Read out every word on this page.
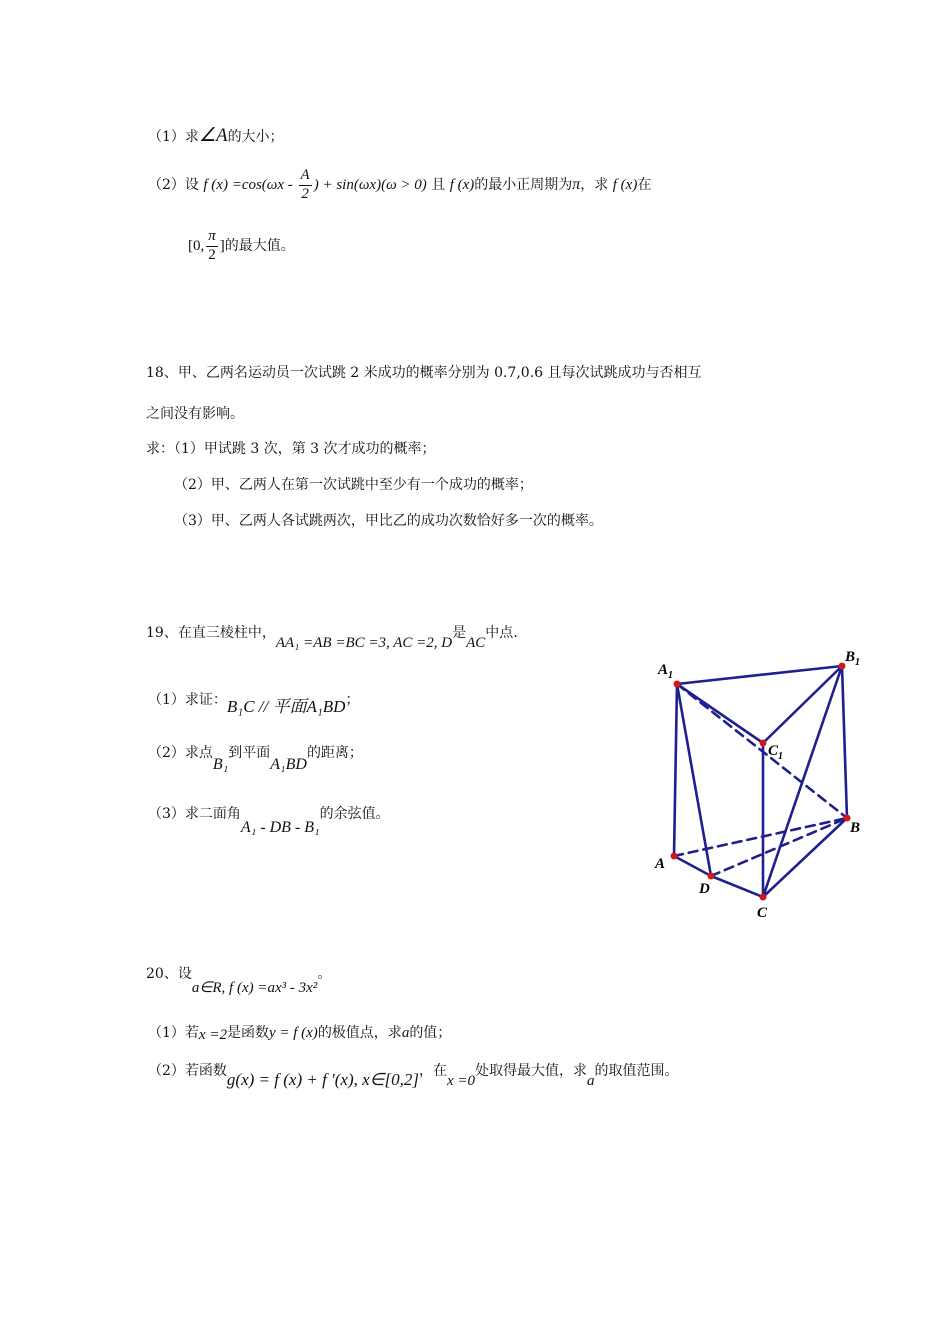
（1）求∠A的大小；
（2）设 f $(x) =\cos(\omega x - \frac{A}{2}$ ) + sin(ωx)(ω > 0) 且 f (x)的最小正周期为π，求 f (x)在
[0, $\frac{\pi}{2}$ ]的最大值。
18、甲、乙两名运动员一次试跳 2 米成功的概率分别为 0.7,0.6 且每次试跳成功与否相互
之间没有影响。
求：（1）甲试跳 3 次，第 3 次才成功的概率；
（2）甲、乙两人在第一次试跳中至少有一个成功的概率；
（3）甲、乙两人各试跳两次，甲比乙的成功次数恰好多一次的概率。
19、在直三棱柱中，AA₁ =AB =BC =3, AC =2, D是AC中点.
（1）求证：B₁C // 平面A₁BD；
（2）求点B₁到平面A₁BD的距离；
（3）求二面角A₁ - DB - B₁的余弦值。
$A_1$
$B_1$
$C_1$
A
B
C
D
20、设a∈R, f (x) =ax³ - 3x²。
（1）若x =2是函数y = f (x)的极值点，求a的值；
（2）若函数g(x) = f (x) + f ′(x), x∈[0,2]，在x =0处取得最大值，求a的取值范围。
